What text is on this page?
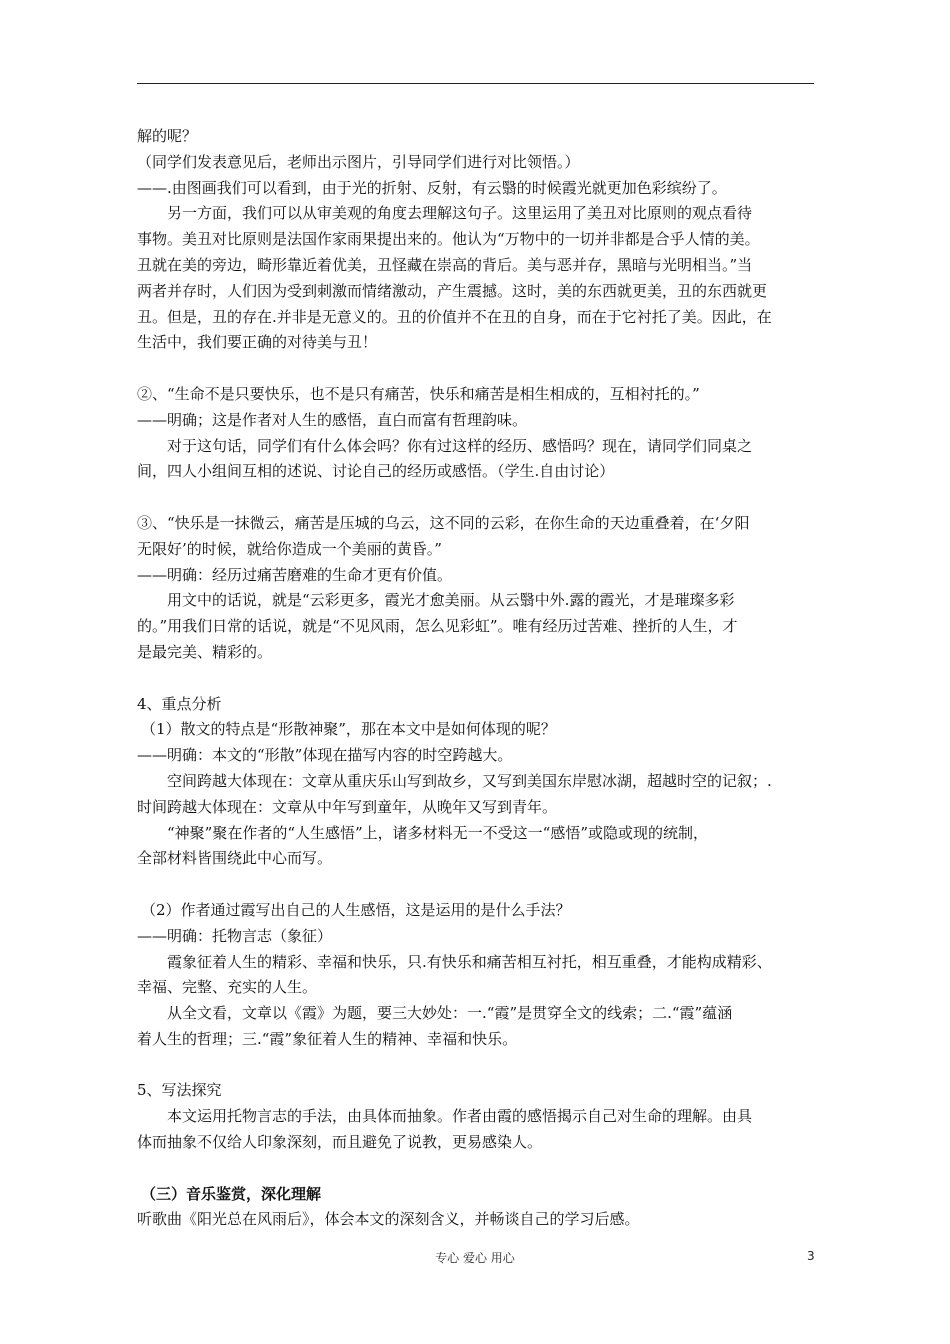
解的呢？
（同学们发表意见后，老师出示图片，引导同学们进行对比领悟。）
——.由图画我们可以看到，由于光的折射、反射，有云翳的时候霞光就更加色彩缤纷了。
另一方面，我们可以从审美观的角度去理解这句子。这里运用了美丑对比原则的观点看待
事物。美丑对比原则是法国作家雨果提出来的。他认为“万物中的一切并非都是合乎人情的美。
丑就在美的旁边，畸形靠近着优美，丑怪藏在崇高的背后。美与恶并存，黑暗与光明相当。”当
两者并存时，人们因为受到刺激而情绪激动，产生震撼。这时，美的东西就更美，丑的东西就更
丑。但是，丑的存在.并非是无意义的。丑的价值并不在丑的自身，而在于它衬托了美。因此，在
生活中，我们要正确的对待美与丑！
②、“生命不是只要快乐，也不是只有痛苦，快乐和痛苦是相生相成的，互相衬托的。”
——明确；这是作者对人生的感悟，直白而富有哲理韵味。
对于这句话，同学们有什么体会吗？你有过这样的经历、感悟吗？现在，请同学们同桌之
间，四人小组间互相的述说、讨论自己的经历或感悟。（学生.自由讨论）
③、“快乐是一抹微云，痛苦是压城的乌云，这不同的云彩，在你生命的天边重叠着，在‘夕阳
无限好’的时候，就给你造成一个美丽的黄昏。”
——明确：经历过痛苦磨难的生命才更有价值。
用文中的话说，就是“云彩更多，霞光才愈美丽。从云翳中外.露的霞光，才是璀璨多彩
的。”用我们日常的话说，就是“不见风雨，怎么见彩虹”。唯有经历过苦难、挫折的人生，才
是最完美、精彩的。
4、重点分析
（1）散文的特点是“形散神聚”，那在本文中是如何体现的呢？
——明确：本文的“形散”体现在描写内容的时空跨越大。
空间跨越大体现在：文章从重庆乐山写到故乡，又写到美国东岸慰冰湖，超越时空的记叙；.
时间跨越大体现在：文章从中年写到童年，从晚年又写到青年。
“神聚”聚在作者的“人生感悟”上，诸多材料无一不受这一“感悟”或隐或现的统制，
全部材料皆围绕此中心而写。
（2）作者通过霞写出自己的人生感悟，这是运用的是什么手法？
——明确：托物言志（象征）
霞象征着人生的精彩、幸福和快乐，只.有快乐和痛苦相互衬托，相互重叠，才能构成精彩、
幸福、完整、充实的人生。
从全文看，文章以《霞》为题，要三大妙处：一.“霞”是贯穿全文的线索；二.“霞”蕴涵
着人生的哲理；三.“霞”象征着人生的精神、幸福和快乐。
5、写法探究
本文运用托物言志的手法，由具体而抽象。作者由霞的感悟揭示自己对生命的理解。由具
体而抽象不仅给人印象深刻，而且避免了说教，更易感染人。
（三）音乐鉴赏，深化理解
听歌曲《阳光总在风雨后》，体会本文的深刻含义，并畅谈自己的学习后感。
专心 爱心 用心	3
